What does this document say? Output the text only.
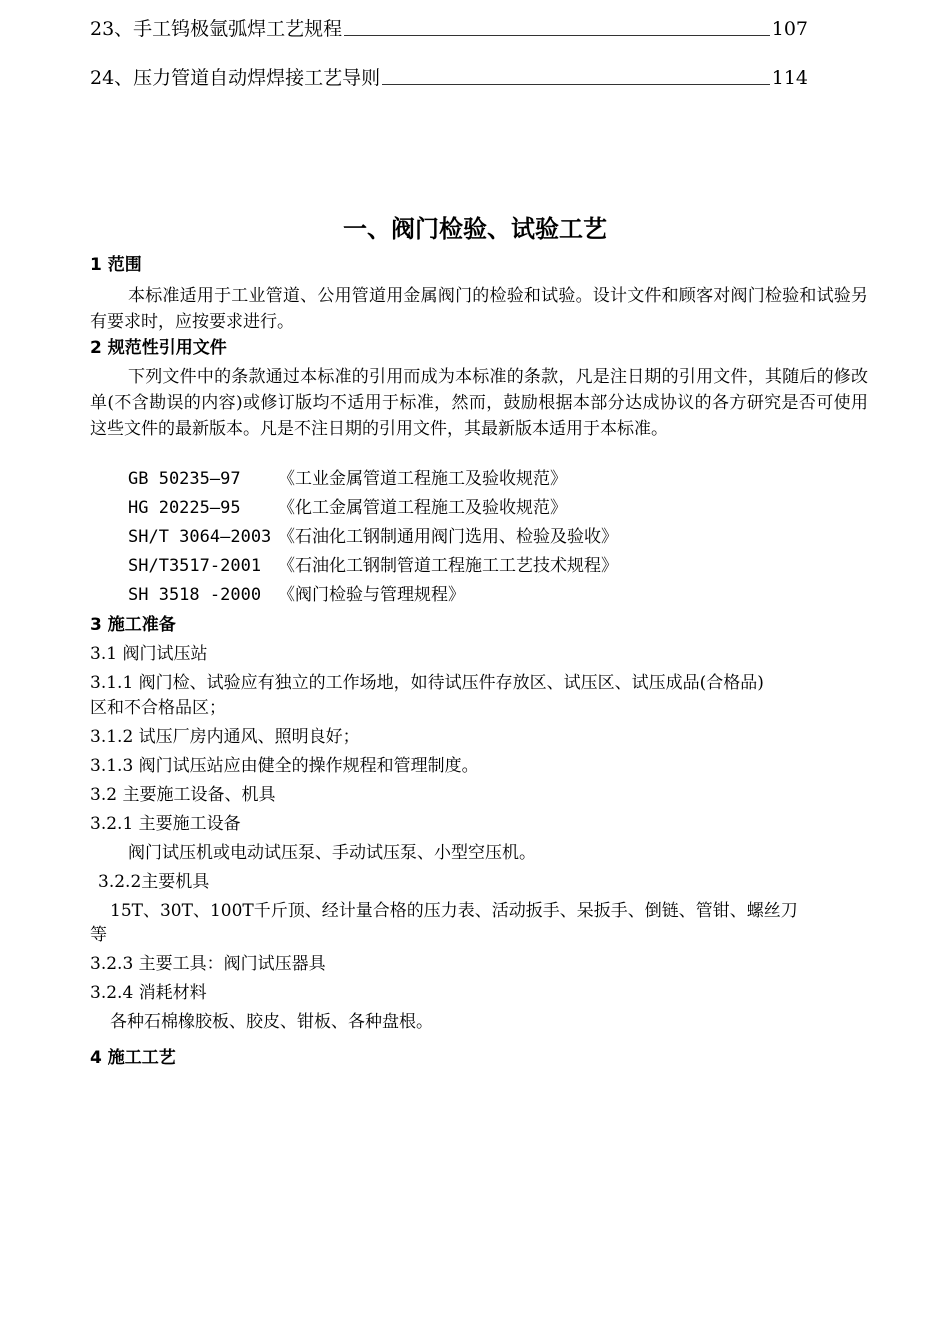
23、手工钨极氩弧焊工艺规程	107
24、压力管道自动焊焊接工艺导则	114
一、阀门检验、试验工艺
1 范围
本标准适用于工业管道、公用管道用金属阀门的检验和试验。设计文件和顾客对阀门检验和试验另有要求时，应按要求进行。
2 规范性引用文件
下列文件中的条款通过本标准的引用而成为本标准的条款，凡是注日期的引用文件，其随后的修改单(不含勘误的内容)或修订版均不适用于标准，然而，鼓励根据本部分达成协议的各方研究是否可使用这些文件的最新版本。凡是不注日期的引用文件，其最新版本适用于本标准。
GB 50235—97 《工业金属管道工程施工及验收规范》
HG 20225—95 《化工金属管道工程施工及验收规范》
SH/T 3064—2003 《石油化工钢制通用阀门选用、检验及验收》
SH/T3517-2001 《石油化工钢制管道工程施工工艺技术规程》
SH 3518 -2000 《阀门检验与管理规程》
3 施工准备
3.1 阀门试压站
3.1.1 阀门检、试验应有独立的工作场地，如待试压件存放区、试压区、试压成品(合格品)
区和不合格品区；
3.1.2 试压厂房内通风、照明良好；
3.1.3 阀门试压站应由健全的操作规程和管理制度。
3.2 主要施工设备、机具
3.2.1 主要施工设备
阀门试压机或电动试压泵、手动试压泵、小型空压机。
3.2.2主要机具
15T、30T、100T千斤顶、经计量合格的压力表、活动扳手、呆扳手、倒链、管钳、螺丝刀
等
3.2.3 主要工具：阀门试压器具
3.2.4 消耗材料
各种石棉橡胶板、胶皮、钳板、各种盘根。
4 施工工艺
